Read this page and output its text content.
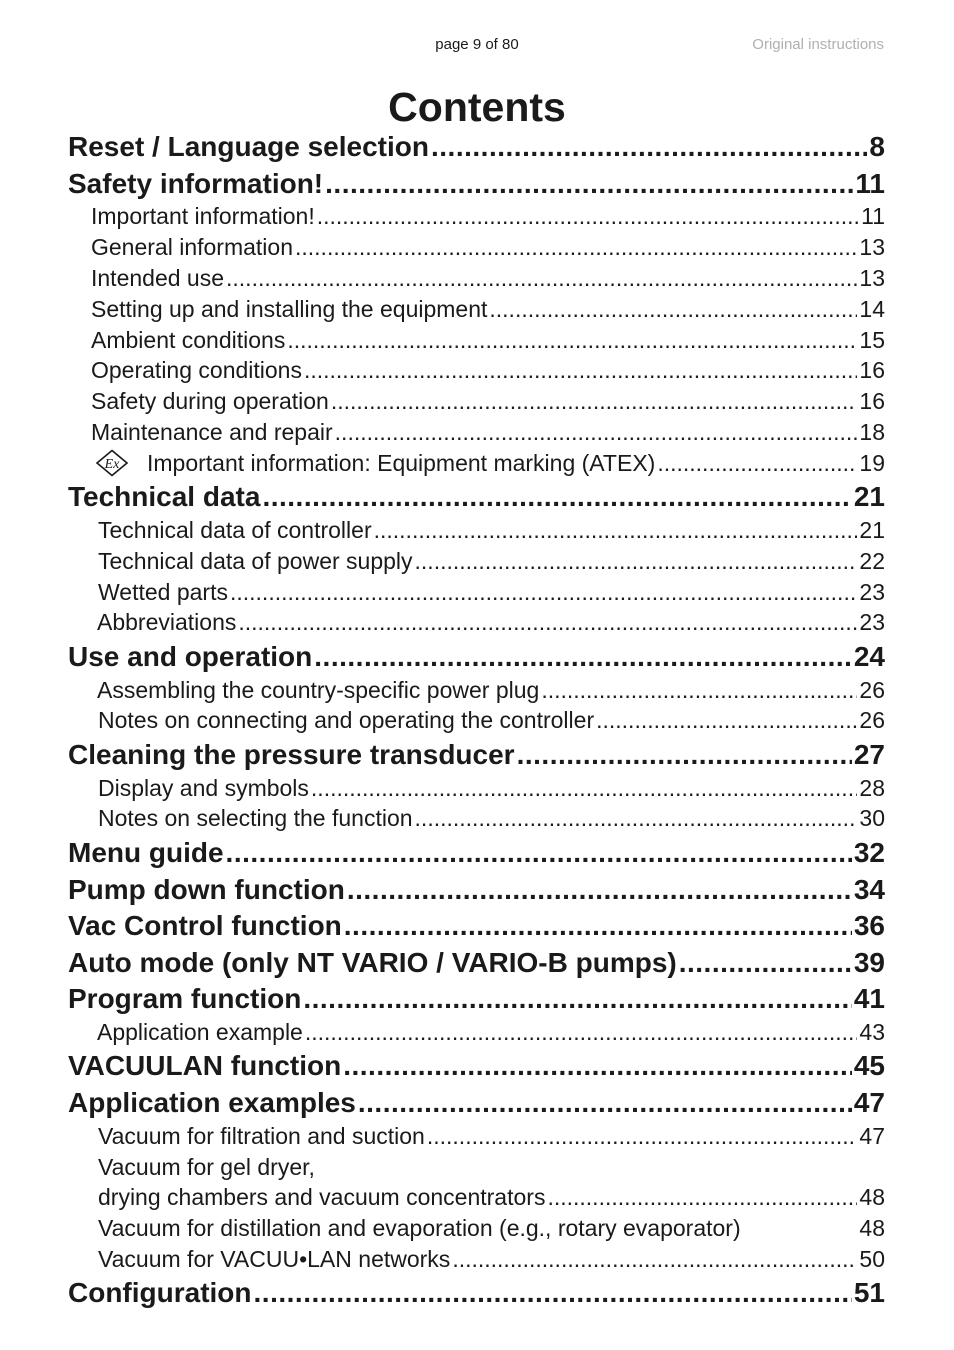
page 9 of 80	Original instructions
Contents
Reset / Language selection .....	8
Safety information! .....	11
Important information! .....	11
General information .....	13
Intended use .....	13
Setting up and installing the equipment .....	14
Ambient conditions .....	15
Operating conditions .....	16
Safety during operation .....	16
Maintenance and repair .....	18
Ex Important information: Equipment marking (ATEX) .....	19
Technical data .....	21
Technical data of controller .....	21
Technical data of power supply .....	22
Wetted parts .....	23
Abbreviations .....	23
Use and operation .....	24
Assembling the country-specific power plug .....	26
Notes on connecting and operating the controller .....	26
Cleaning the pressure transducer .....	27
Display and symbols .....	28
Notes on selecting the function .....	30
Menu guide .....	32
Pump down function .....	34
Vac Control function .....	36
Auto mode (only NT VARIO / VARIO-B pumps) .....	39
Program function .....	41
Application example .....	43
VACUULAN function .....	45
Application examples .....	47
Vacuum for filtration and suction .....	47
Vacuum for gel dryer,
drying chambers and vacuum concentrators .....	48
Vacuum for distillation and evaporation (e.g., rotary evaporator)	48
Vacuum for VACUU•LAN networks .....	50
Configuration .....	51
